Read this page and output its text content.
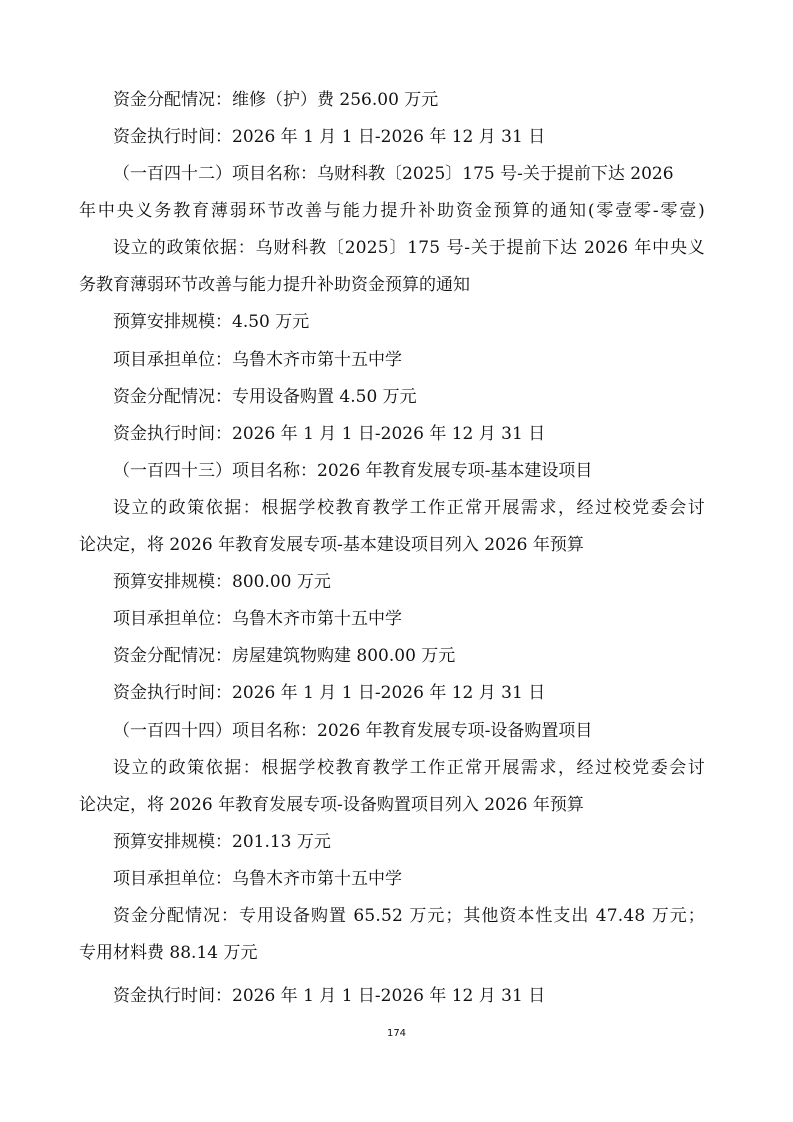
资金分配情况：维修（护）费 256.00 万元
资金执行时间：2026 年 1 月 1 日-2026 年 12 月 31 日
（一百四十二）项目名称：乌财科教〔2025〕175 号-关于提前下达 2026
年中央义务教育薄弱环节改善与能力提升补助资金预算的通知(零壹零-零壹)
设立的政策依据：乌财科教〔2025〕175 号-关于提前下达 2026 年中央义
务教育薄弱环节改善与能力提升补助资金预算的通知
预算安排规模：4.50 万元
项目承担单位：乌鲁木齐市第十五中学
资金分配情况：专用设备购置 4.50 万元
资金执行时间：2026 年 1 月 1 日-2026 年 12 月 31 日
（一百四十三）项目名称：2026 年教育发展专项-基本建设项目
设立的政策依据：根据学校教育教学工作正常开展需求，经过校党委会讨
论决定，将 2026 年教育发展专项-基本建设项目列入 2026 年预算
预算安排规模：800.00 万元
项目承担单位：乌鲁木齐市第十五中学
资金分配情况：房屋建筑物购建 800.00 万元
资金执行时间：2026 年 1 月 1 日-2026 年 12 月 31 日
（一百四十四）项目名称：2026 年教育发展专项-设备购置项目
设立的政策依据：根据学校教育教学工作正常开展需求，经过校党委会讨
论决定，将 2026 年教育发展专项-设备购置项目列入 2026 年预算
预算安排规模：201.13 万元
项目承担单位：乌鲁木齐市第十五中学
资金分配情况：专用设备购置 65.52 万元；其他资本性支出 47.48 万元；
专用材料费 88.14 万元
资金执行时间：2026 年 1 月 1 日-2026 年 12 月 31 日
174
